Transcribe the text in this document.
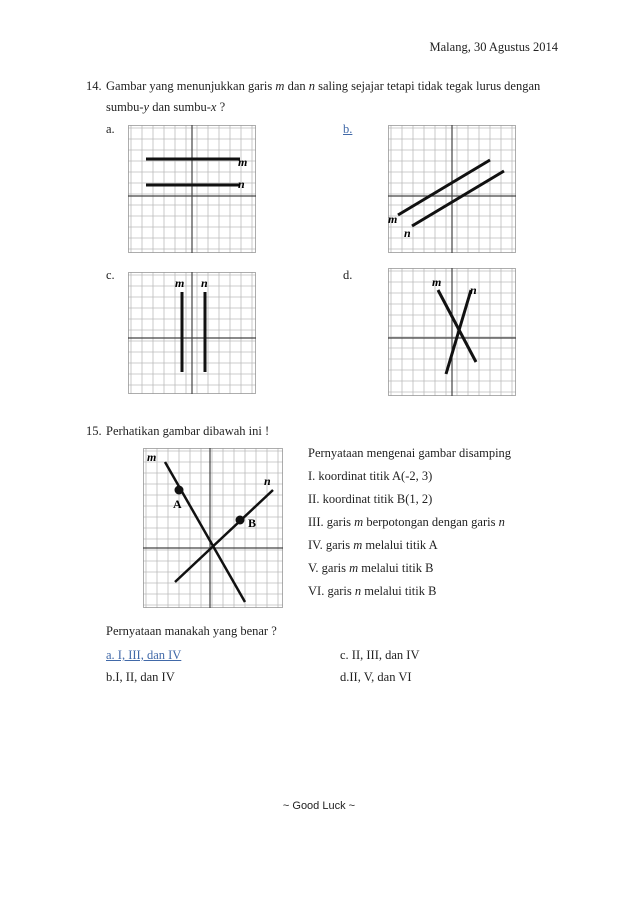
Malang, 30 Agustus 2014
14. Gambar yang menunjukkan garis m dan n saling sejajar tetapi tidak tegak lurus dengan
sumbu-y dan sumbu-x ?
a.	b.
c.	d.
m
n
m
n
m n	m
n
15. Perhatikan gambar dibawah ini !
m
n
A
B
Pernyataan mengenai gambar disamping
I. koordinat titik A(-2, 3)
II. koordinat titik B(1, 2)
III. garis m berpotongan dengan garis n
IV. garis m melalui titik A
V. garis m melalui titik B
VI. garis n melalui titik B
Pernyataan manakah yang benar ?
a. I, III, dan IV	c. II, III, dan IV
b.I, II, dan IV	d.II, V, dan VI
~ Good Luck ~
